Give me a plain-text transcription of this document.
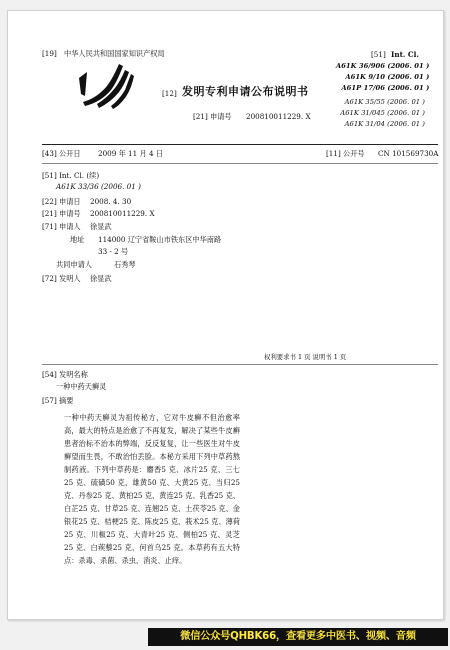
[19] 中华人民共和国国家知识产权局
[12] 发明专利申请公布说明书
[21] 申请号 200810011229. X
[51] Int. Cl.
A61K 36/906 (2006. 01 )
A61K 9/10 (2006. 01 )
A61P 17/06 (2006. 01 )
A61K 35/55 (2006. 01 )
A61K 31/045 (2006. 01 )
A61K 31/04 (2006. 01 )
[43] 公开日 2009 年 11 月 4 日	[11] 公开号 CN 101569730A
[51] Int. Cl. (续)
A61K 33/36 (2006. 01 )
[22] 申请日 2008. 4. 30
[21] 申请号 200810011229. X
[71] 申请人 徐显武
地址 114000 辽宁省鞍山市铁东区中华南路
33 - 2 号
共同申请人	石秀琴
[72] 发明人 徐显武
权利要求书 1 页 说明书 1 页
[54] 发明名称
一种中药天癣灵
[57] 摘要
一种中药天癣灵为祖传秘方，它对牛皮癣不但治愈率高，最大的特点是治愈了不再复发，解决了某些牛皮癣患者治标不治本的弊端，反反复复，让一些医生对牛皮癣望而生畏，不敢治怕丢脸。本秘方采用下列中草药熬制药液。下列中草药是：麝香5 克、冰片25 克、三七25 克、硫磺50 克、雄黄50 克、大黄25 克、当归25 克、丹参25 克、黄柏25 克、黄连25 克、乳香25 克、白芷25 克、甘草25 克、连翘25 克、土茯苓25 克、金银花25 克、桔梗25 克、陈皮25 克、莪术25 克、薄荷25 克、川椒25 克、大青叶25 克、侧柏25 克、灵芝25 克、白蒺藜25 克、何首乌25 克。本草药有五大特点：杀毒、杀菌、杀虫、消炎、止痒。
微信公众号QHBK66，查看更多中医书、视频、音频
